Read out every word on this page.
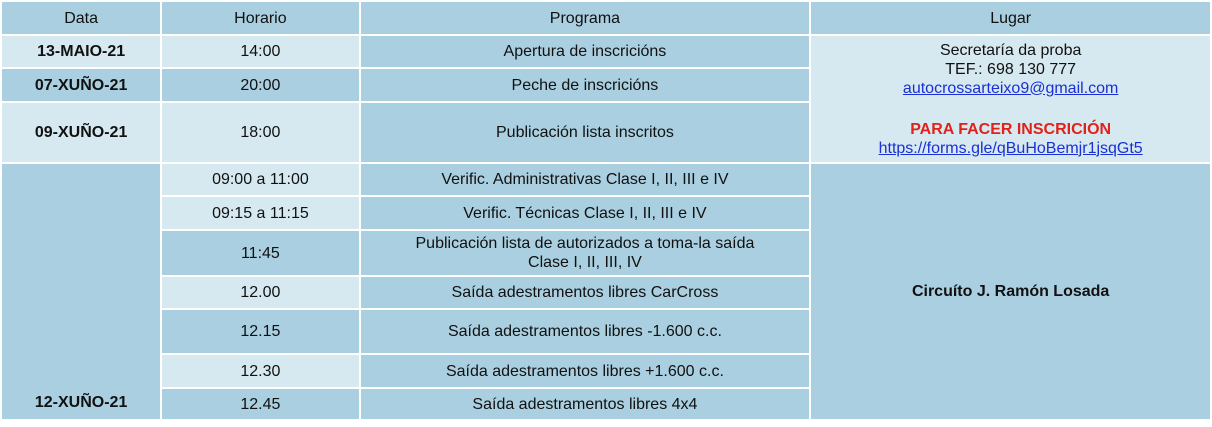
Data	Horario	Programa	Lugar
13-MAIO-21	14:00	Apertura de inscricións	Secretaría da proba
TEF.: 698 130 777
autocrossarteixo9@gmail.com
PARA FACER INSCRICIÓN
https://forms.gle/qBuHoBemjr1jsqGt5

07-XUÑO-21	20:00	Peche de inscricións	
09-XUÑO-21	18:00	Publicación lista inscritos	
12-XUÑO-21	09:00 a 11:00	Verific. Administrativas Clase I, II, III e IV	Circuíto J. Ramón Losada
	09:15 a 11:15	Verific. Técnicas Clase I, II, III e IV	
	11:45	Publicación lista de autorizados a toma-la saída
Clase I, II, III, IV	

	12.00	Saída adestramentos libres CarCross	
	12.15	Saída adestramentos libres -1.600 c.c.	
	12.30	Saída adestramentos libres +1.600 c.c.	
	12.45	Saída adestramentos libres 4x4	
